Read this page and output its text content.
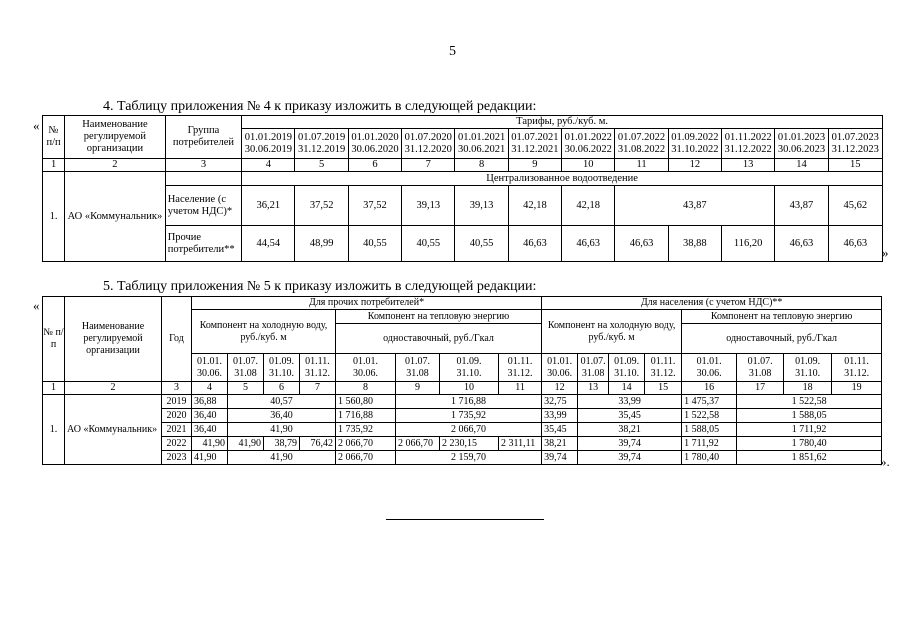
5
4. Таблицу приложения № 4 к приказу изложить в следующей редакции:
«
»
№ п/п	Наименование регулируемой организации	Группа потребителей	Тарифы, руб./куб. м.											

			01.01.2019
30.06.2019	01.07.2019
31.12.2019	01.01.2020
30.06.2020	01.07.2020
31.12.2020	01.01.2021
30.06.2021	01.07.2021
31.12.2021	01.01.2022
30.06.2022	01.07.2022
31.08.2022	01.09.2022
31.10.2022	01.11.2022
31.12.2022	01.01.2023
30.06.2023	01.07.2023
31.12.2023

1	2	3	4	5	6	7	8	9	10	11	12	13	14	15
1.	АО «Коммунальник»		Централизованное водоотведение											
		Население (с учетом НДС)*	36,21	37,52	37,52	39,13	39,13	42,18	42,18	43,87			43,87	45,62
		Прочие потребители**	44,54	48,99	40,55	40,55	40,55	46,63	46,63	46,63	38,88	116,20	46,63	46,63
5. Таблицу приложения № 5 к приказу изложить в следующей редакции:
«
».
№ п/п	Наименование регулируемой организации	Год	Для прочих потребителей*								Для населения (с учетом НДС)**							
			Компонент на холодную воду, руб./куб. м				Компонент на тепловую энергию				Компонент на холодную воду, руб./куб. м				Компонент на тепловую энергию			
							одноставочный, руб./Гкал								одноставочный, руб./Гкал			

			01.01.
30.06.	01.07.
31.08	01.09.
31.10.	01.11.
31.12.	01.01.
30.06.	01.07.
31.08	01.09.
31.10.	01.11.
31.12.	01.01.
30.06.	01.07.
31.08	01.09.
31.10.	01.11.
31.12.	01.01.
30.06.	01.07.
31.08	01.09.
31.10.	01.11.
31.12.

1	2	3	4	5	6	7	8	9	10	11	12	13	14	15	16	17	18	19
1.	АО «Коммунальник»	2019	36,88	40,57			1 560,80	1 716,88			32,75	33,99			1 475,37	1 522,58		
		2020	36,40	36,40			1 716,88	1 735,92			33,99	35,45			1 522,58	1 588,05		
		2021	36,40	41,90			1 735,92	2 066,70			35,45	38,21			1 588,05	1 711,92		
		2022	41,90	41,90	38,79	76,42	2 066,70	2 066,70	2 230,15	2 311,11	38,21	39,74			1 711,92	1 780,40		
		2023	41,90	41,90			2 066,70	2 159,70			39,74	39,74			1 780,40	1 851,62		
